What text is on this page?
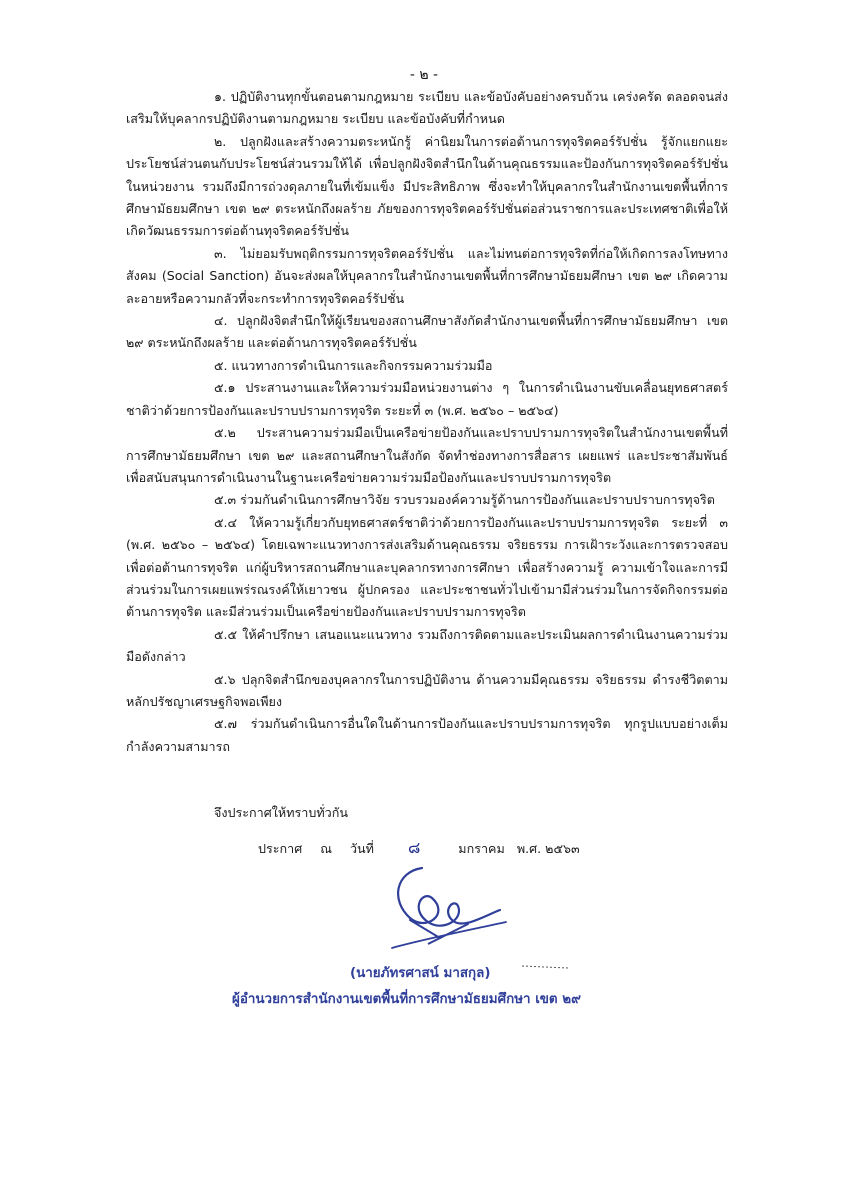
- ๒ -

๑. ปฏิบัติงานทุกขั้นตอนตามกฎหมาย ระเบียบ และข้อบังคับอย่างครบถ้วน เคร่งครัด ตลอดจนส่งเสริมให้บุคลากรปฏิบัติงานตามกฎหมาย ระเบียบ และข้อบังคับที่กำหนด

๒. ปลูกฝังและสร้างความตระหนักรู้ ค่านิยมในการต่อต้านการทุจริตคอร์รัปชั่น รู้จักแยกแยะประโยชน์ส่วนตนกับประโยชน์ส่วนรวมให้ได้ เพื่อปลูกฝังจิตสำนึกในด้านคุณธรรมและป้องกันการทุจริตคอร์รัปชั่นในหน่วยงาน รวมถึงมีการถ่วงดุลภายในที่เข้มแข็ง มีประสิทธิภาพ ซึ่งจะทำให้บุคลากรในสำนักงานเขตพื้นที่การศึกษามัธยมศึกษา เขต ๒๙ ตระหนักถึงผลร้าย ภัยของการทุจริตคอร์รัปชั่นต่อส่วนราชการและประเทศชาติเพื่อให้เกิดวัฒนธรรมการต่อต้านทุจริตคอร์รัปชั่น

๓. ไม่ยอมรับพฤติกรรมการทุจริตคอร์รัปชั่น และไม่ทนต่อการทุจริตที่ก่อให้เกิดการลงโทษทางสังคม (Social Sanction) อันจะส่งผลให้บุคลากรในสำนักงานเขตพื้นที่การศึกษามัธยมศึกษา เขต ๒๙ เกิดความละอายหรือความกลัวที่จะกระทำการทุจริตคอร์รัปชั่น

๔. ปลูกฝังจิตสำนึกให้ผู้เรียนของสถานศึกษาสังกัดสำนักงานเขตพื้นที่การศึกษามัธยมศึกษา เขต ๒๙ ตระหนักถึงผลร้าย และต่อต้านการทุจริตคอร์รัปชั่น

๕. แนวทางการดำเนินการและกิจกรรมความร่วมมือ

๕.๑ ประสานงานและให้ความร่วมมือหน่วยงานต่าง ๆ ในการดำเนินงานขับเคลื่อนยุทธศาสตร์ชาติว่าด้วยการป้องกันและปราบปรามการทุจริต ระยะที่ ๓ (พ.ศ. ๒๕๖๐ – ๒๕๖๔)

๕.๒ ประสานความร่วมมือเป็นเครือข่ายป้องกันและปราบปรามการทุจริตในสำนักงานเขตพื้นที่การศึกษามัธยมศึกษา เขต ๒๙ และสถานศึกษาในสังกัด จัดทำช่องทางการสื่อสาร เผยแพร่ และประชาสัมพันธ์เพื่อสนับสนุนการดำเนินงานในฐานะเครือข่ายความร่วมมือป้องกันและปราบปรามการทุจริต

๕.๓ ร่วมกันดำเนินการศึกษาวิจัย รวบรวมองค์ความรู้ด้านการป้องกันและปราบปราบการทุจริต

๕.๔ ให้ความรู้เกี่ยวกับยุทธศาสตร์ชาติว่าด้วยการป้องกันและปราบปรามการทุจริต ระยะที่ ๓ (พ.ศ. ๒๕๖๐ – ๒๕๖๔) โดยเฉพาะแนวทางการส่งเสริมด้านคุณธรรม จริยธรรม การเฝ้าระวังและการตรวจสอบเพื่อต่อต้านการทุจริต แก่ผู้บริหารสถานศึกษาและบุคลากรทางการศึกษา เพื่อสร้างความรู้ ความเข้าใจและการมีส่วนร่วมในการเผยแพร่รณรงค์ให้เยาวชน ผู้ปกครอง และประชาชนทั่วไปเข้ามามีส่วนร่วมในการจัดกิจกรรมต่อต้านการทุจริต และมีส่วนร่วมเป็นเครือข่ายป้องกันและปราบปรามการทุจริต

๕.๕ ให้คำปรึกษา เสนอแนะแนวทาง รวมถึงการติดตามและประเมินผลการดำเนินงานความร่วมมือดังกล่าว

๕.๖ ปลุกจิตสำนึกของบุคลากรในการปฏิบัติงาน ด้านความมีคุณธรรม จริยธรรม ดำรงชีวิตตามหลักปรัชญาเศรษฐกิจพอเพียง

๕.๗ ร่วมกันดำเนินการอื่นใดในด้านการป้องกันและปราบปรามการทุจริต ทุกรูปแบบอย่างเต็มกำลังความสามารถ

จึงประกาศให้ทราบทั่วกัน

ประกาศ ณ วันที่ ๘	มกราคม พ.ศ. ๒๕๖๓
(นายภัทรศาสน์ มาสกุล)
ผู้อำนวยการสำนักงานเขตพื้นที่การศึกษามัธยมศึกษา เขต ๒๙
